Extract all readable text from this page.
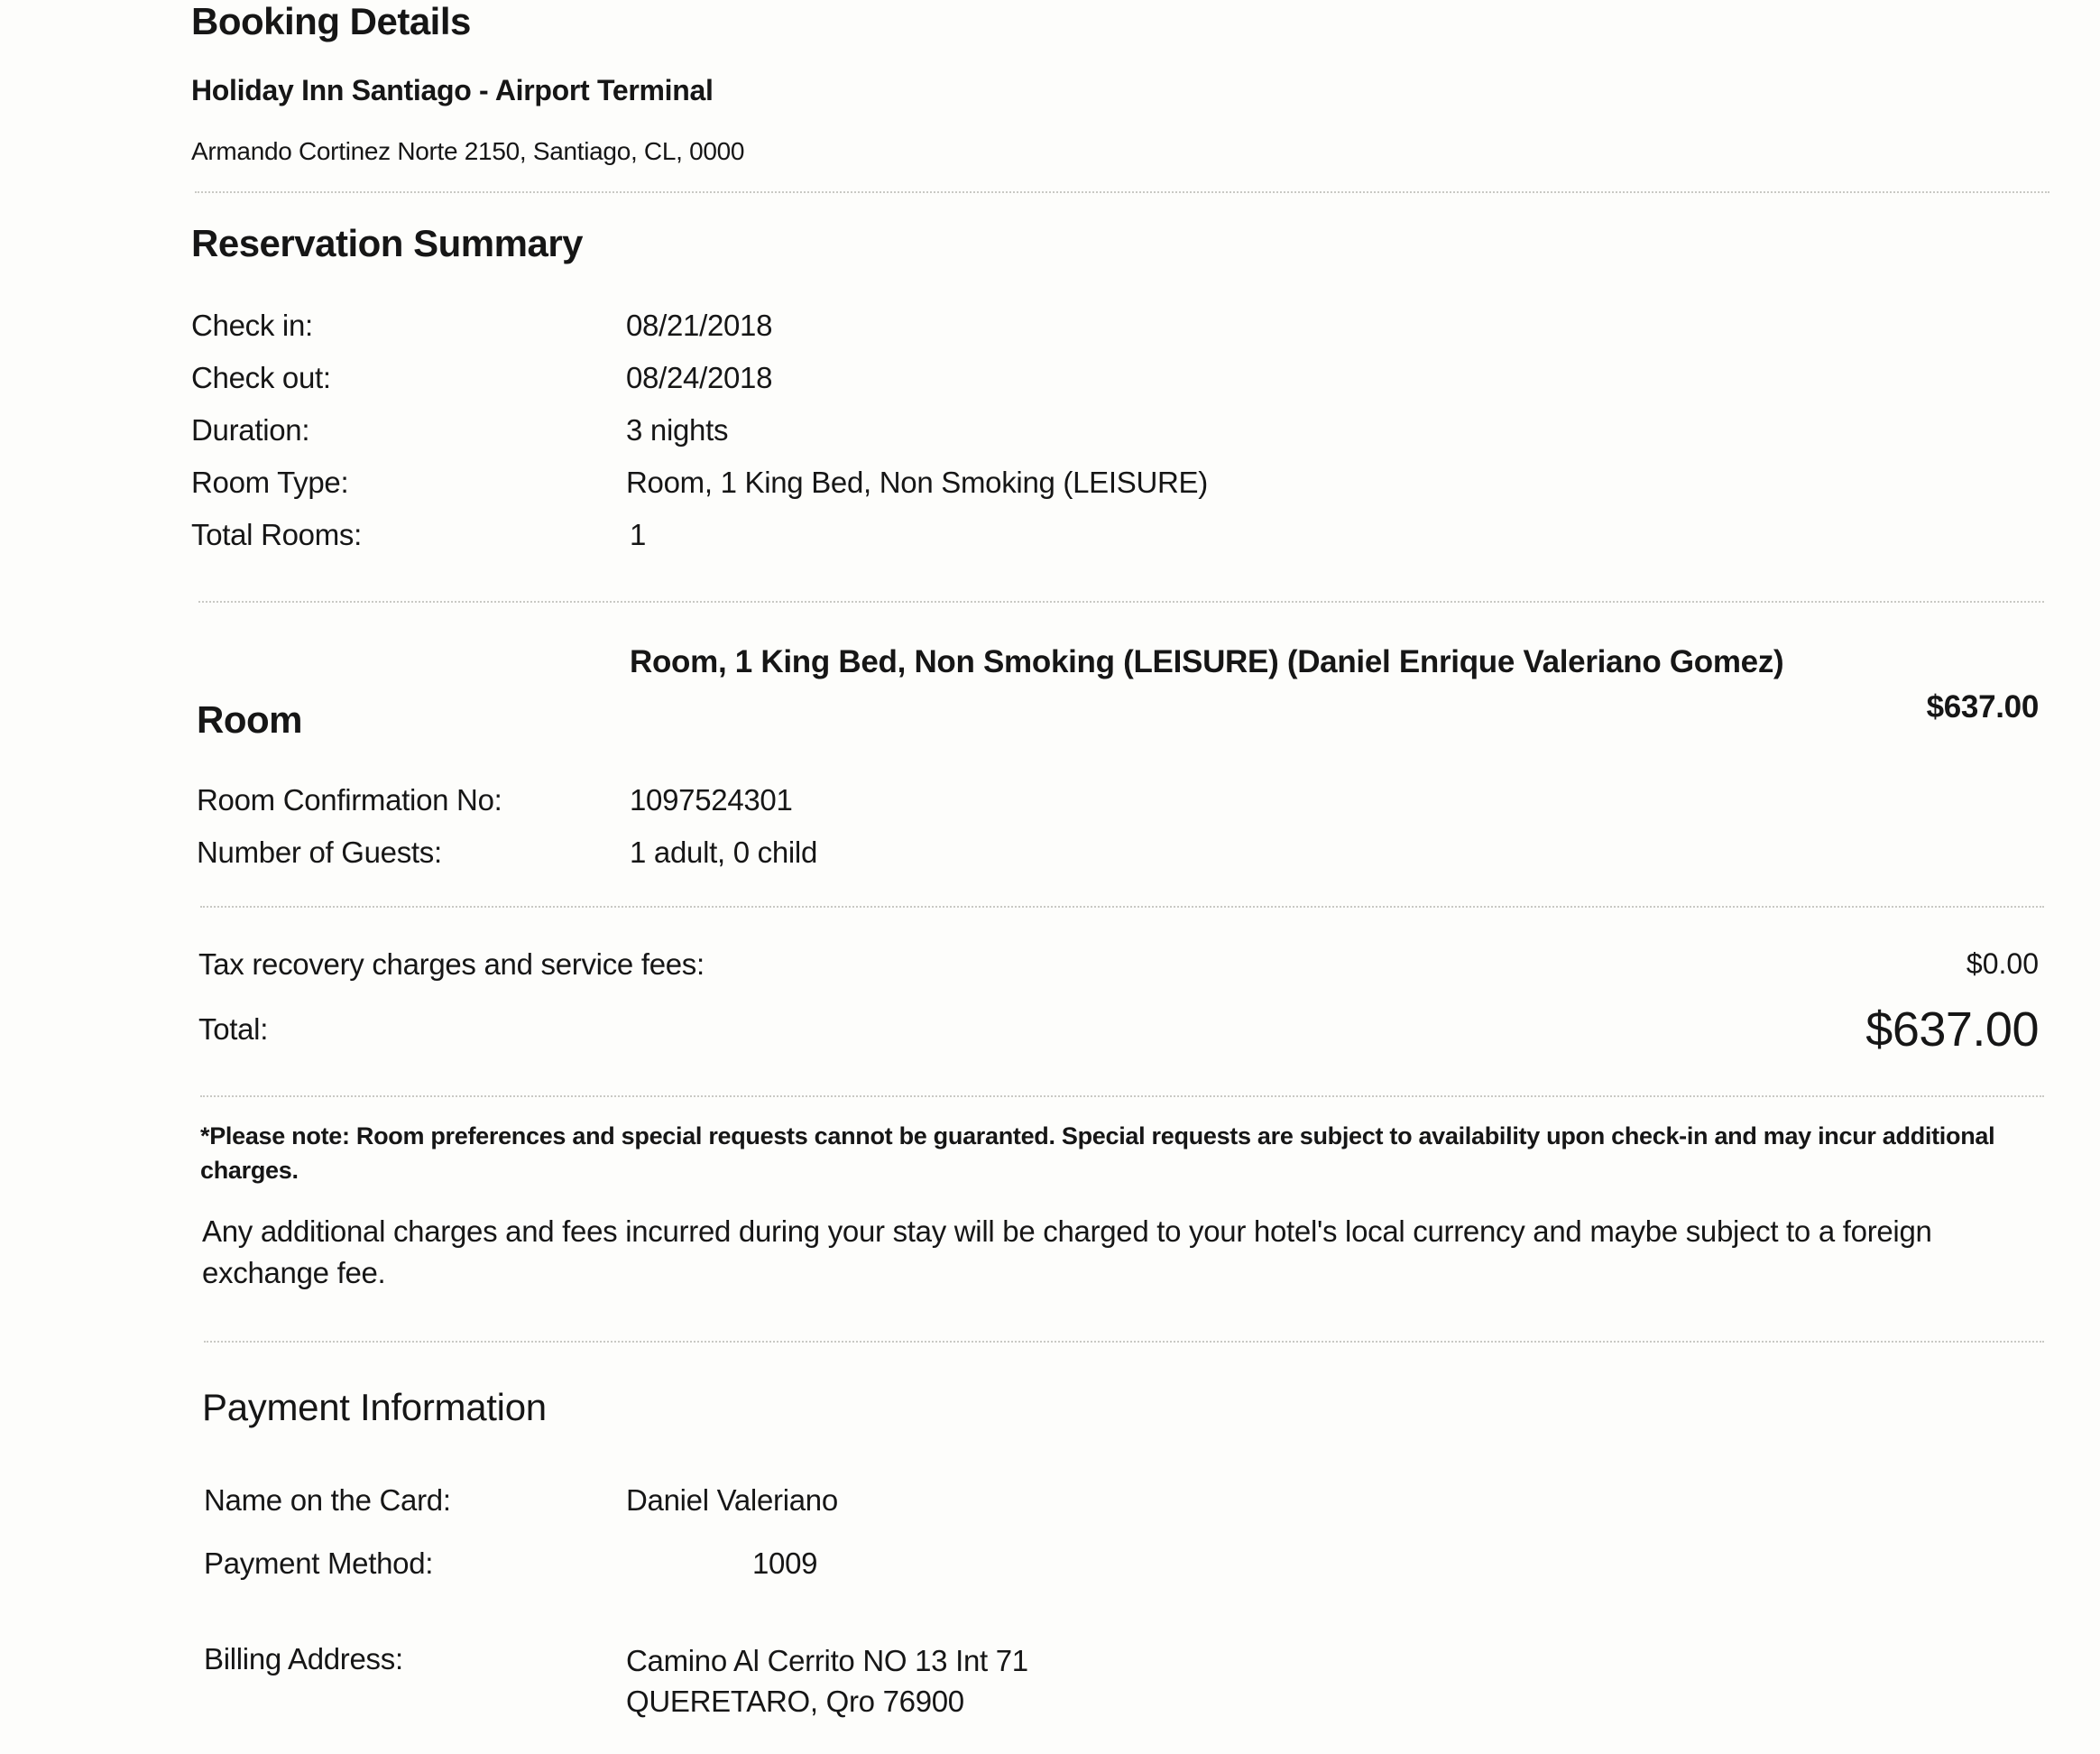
Booking Details
Holiday Inn Santiago - Airport Terminal
Armando Cortinez Norte 2150, Santiago, CL, 0000
Reservation Summary
Check in:	08/21/2018
Check out:	08/24/2018
Duration:	3 nights
Room Type:	Room, 1 King Bed, Non Smoking (LEISURE)
Total Rooms:	1
Room, 1 King Bed, Non Smoking (LEISURE) (Daniel Enrique Valeriano Gomez)
$637.00
Room
Room Confirmation No:	1097524301
Number of Guests:	1 adult, 0 child
Tax recovery charges and service fees:	$0.00
Total:	$637.00
*Please note: Room preferences and special requests cannot be guaranted. Special requests are subject to availability upon check-in and may incur additional charges.
Any additional charges and fees incurred during your stay will be charged to your hotel's local currency and maybe subject to a foreign exchange fee.
Payment Information
Name on the Card:	Daniel Valeriano
Payment Method:	1009
Billing Address:	Camino Al Cerrito NO 13 Int 71
QUERETARO, Qro 76900
